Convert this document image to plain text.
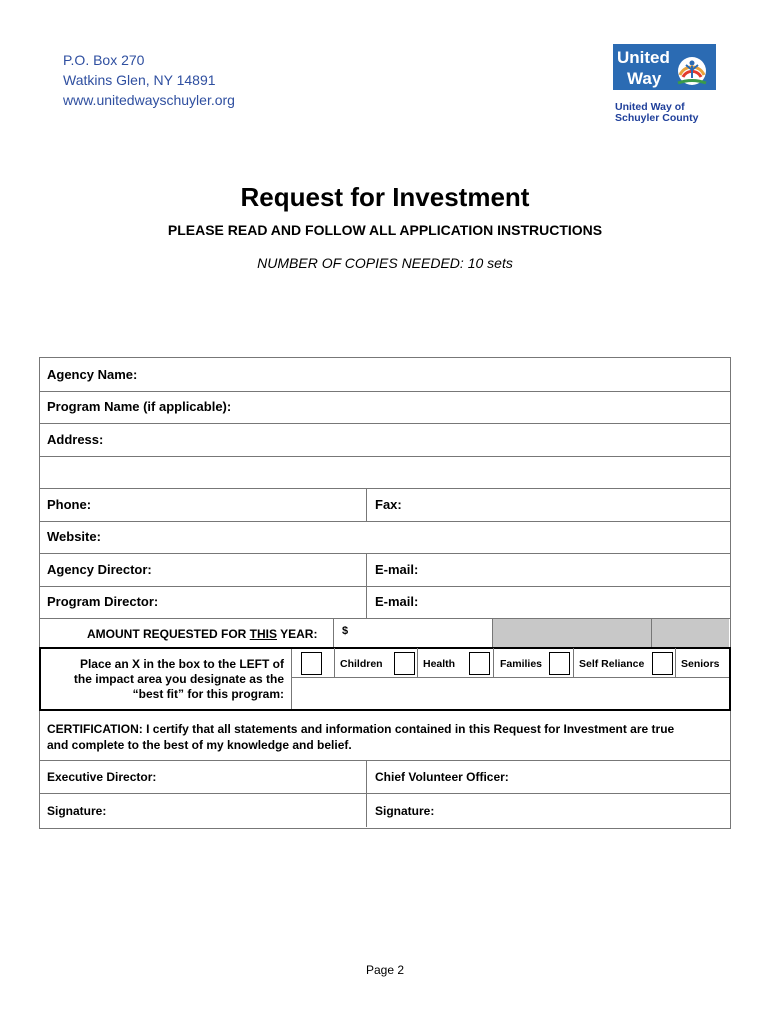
P.O. Box 270
Watkins Glen, NY 14891
www.unitedwayschuyler.org
United
Way
United Way of
Schuyler County
Request for Investment
PLEASE READ AND FOLLOW ALL APPLICATION INSTRUCTIONS
NUMBER OF COPIES NEEDED: 10 sets
Agency Name:
Program Name (if applicable):
Address:
Phone:	Fax:
Website:
Agency Director:	E-mail:
Program Director:	E-mail:
AMOUNT REQUESTED FOR THIS YEAR: $
Place an X in the box to the LEFT of
the impact area you designate as the
“best fit” for this program:
Children	Health	Families	Self Reliance	Seniors
CERTIFICATION: I certify that all statements and information contained in this Request for Investment are true
and complete to the best of my knowledge and belief.
Executive Director:	Chief Volunteer Officer:
Signature:	Signature:
Page 2
